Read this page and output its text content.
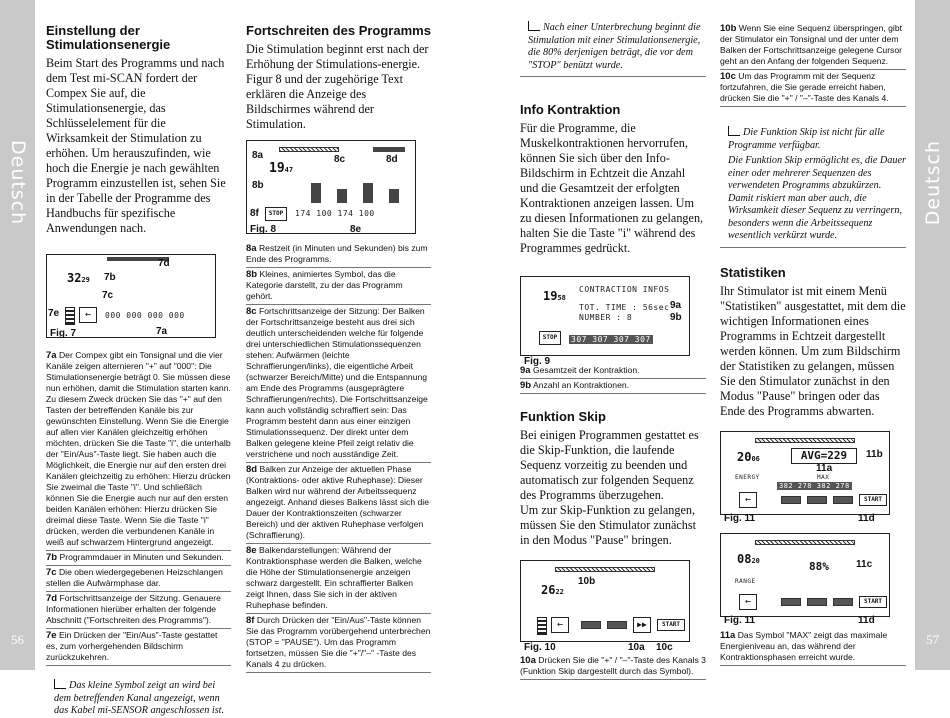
Deutsch
56
Deutsch
57
Einstellung der Stimulationsenergie

Beim Start des Programms und nach dem Test mi-SCAN fordert der Compex Sie auf, die Stimulationsenergie, das Schlüsselelement für die Wirksamkeit der Stimulation zu erhöhen. Um herauszufinden, wie hoch die Energie je nach gewählten Programm einzustellen ist, sehen Sie in der Tabelle der Programme des Handbuchs für spezifische Anwendungen nach.

3229
←	000 000 000 000
Fig. 7
7d
7b
7c
7e
7a
7a Der Compex gibt ein Tonsignal und die vier Kanäle zeigen alternieren "+" auf "000": Die Stimulationsenergie beträgt 0. Sie müssen diese nun erhöhen, damit die Stimulation starten kann. Zu diesem Zweck drücken Sie das "+" auf den Tasten der betreffenden Kanäle bis zur gewünschten Einstellung. Wenn Sie die Energie auf allen vier Kanälen gleichzeitig erhöhen möchten, drücken Sie die Taste "i", die unterhalb der "Ein/Aus"-Taste liegt. Sie haben auch die Möglichkeit, die Energie nur auf den ersten drei Kanälen gleichzeitig zu erhöhen: Hierzu drücken Sie zweimal die Taste "i". Und schließlich können Sie die Energie auch nur auf den ersten beiden Kanälen erhöhen: Hierzu drücken Sie dreimal diese Taste. Wenn Sie die Taste "i" drücken, werden die verbundenen Kanäle in weiß auf schwarzem Hintergrund angezeigt.
7b Programmdauer in Minuten und Sekunden.
7c Die oben wiedergegebenen Heizschlangen stellen die Aufwärmphase dar.
7d Fortschrittsanzeige der Sitzung. Genauere Informationen hierüber erhalten der folgende Abschnitt ("Fortschreiten des Programms").
7e Ein Drücken der "Ein/Aus"-Taste gestattet es, zum vorhergehenden Bildschirm zurückzukehren.
Das kleine Symbol zeigt an wird bei dem betreffenden Kanal angezeigt, wenn das Kabel mi-SENSOR angeschlossen ist.
Fortschreiten des Programms

Die Stimulation beginnt erst nach der Erhöhung der Stimulations-energie. Figur 8 und der zugehörige Text erklären die Anzeige des Bildschirmes während der Stimulation.

1947
STOP	174 100 174 100
Fig. 8
8a	8c	8d
8b
8f
8e
8a Restzeit (in Minuten und Sekunden) bis zum Ende des Programms.
8b Kleines, animiertes Symbol, das die Kategorie darstellt, zu der das Programm gehört.
8c Fortschrittsanzeige der Sitzung: Der Balken der Fortschrittsanzeige besteht aus drei sich deutlich unterscheidenden welche für folgende drei unterschiedlichen Stimulationssequenzen stehen: Aufwärmen (leichte Schraffierungen/links), die eigentliche Arbeit (schwarzer Bereich/Mitte) und die Entspannung am Ende des Programms (ausgeprägtere Schraffierungen/rechts). Die Fortschrittsanzeige kann auch vollständig schraffiert sein: Das Programm besteht dann aus einer einzigen Stimulationssequenz. Der direkt unter dem Balken gelegene kleine Pfeil zeigt relativ die verstrichene und noch ausständige Zeit.
8d Balken zur Anzeige der aktuellen Phase (Kontraktions- oder aktive Ruhephase): Dieser Balken wird nur während der Arbeitssequenz angezeigt. Anhand dieses Balkens lässt sich die Dauer der Kontraktionszeiten (schwarzer Bereich) und der aktiven Ruhephase verfolgen (Schraffierung).
8e Balkendarstellungen: Während der Kontraktionsphase werden die Balken, welche die Höhe der Stimulationsenergie anzeigen schwarz dargestellt. Ein schraffierter Balken zeigt Ihnen, dass Sie sich in der aktiven Ruhephase befinden.
8f Durch Drücken der "Ein/Aus"-Taste können Sie das Programm vorübergehend unterbrechen (STOP = "PAUSE"). Um das Programm fortsetzen, müssen Sie die "+"/"–" -Taste des Kanals 4 zu drücken.
Nach einer Unterbrechung beginnt die Stimulation mit einer Stimulationsenergie, die 80% derjenigen beträgt, die vor dem "STOP" benützt wurde.
Info Kontraktion

Für die Programme, die Muskelkontraktionen hervorrufen, können Sie sich über den Info-Bildschirm in Echtzeit die Anzahl und die Gesamtzeit der erfolgten Kontraktionen anzeigen lassen. Um zu diesen Informationen zu gelangen, halten Sie die Taste "i" während des Programmes gedrückt.

1958
CONTRACTION INFOS
TOT. TIME : 56sec
NUMBER : 8
STOP	307 307 307 307
Fig. 9
9a
9b
9a Gesamtzeit der Kontraktion.
9b Anzahl an Kontraktionen.
Funktion Skip

Bei einigen Programmen gestattet es die Skip-Funktion, die laufende Sequenz vorzeitig zu beenden und automatisch zur folgenden Sequenz des Programms überzugehen.

Um zur Skip-Funktion zu gelangen, müssen Sie den Stimulator zunächst in den Modus "Pause" bringen.

2622
←	▶▶	START
Fig. 10
10b
10a 10c
10a Drücken Sie die "+" / "–"-Taste des Kanals 3 (Funktion Skip dargestellt durch das Symbol).
10b Wenn Sie eine Sequenz überspringen, gibt der Stimulator ein Tonsignal und der unter dem Balken der Fortschrittsanzeige gelegene Cursor geht an den Anfang der folgenden Sequenz.
10c Um das Programm mit der Sequenz fortzufahren, die Sie gerade erreicht haben, drücken Sie die "+" / "–"-Taste des Kanals 4.
Die Funktion Skip ist nicht für alle Programme verfügbar.
Die Funktion Skip ermöglicht es, die Dauer einer oder mehrerer Sequenzen des verwendeten Programms abzukürzen. Damit riskiert man aber auch, die Wirksamkeit dieser Sequenz zu verringern, besonders wenn die Arbeitssequenz wesentlich verkürzt wurde.
Statistiken

Ihr Stimulator ist mit einem Menü "Statistiken" ausgestattet, mit dem die wichtigen Informationen eines Programms in Echtzeit dargestellt werden können. Um zum Bildschirm der Statistiken zu gelangen, müssen Sie den Stimulator zunächst in den Modus "Pause" bringen oder das Ende des Programms abwarten.

2006	AVG=229
ENERGY	MAX
382 278 382 278
←	START
Fig. 11
11b
11a
11d
0820	88%
RANGE
←	START
Fig. 11
11c
11d
11a Das Symbol "MAX" zeigt das maximale Energieniveau an, das während der Kontraktionsphasen erreicht wurde.
